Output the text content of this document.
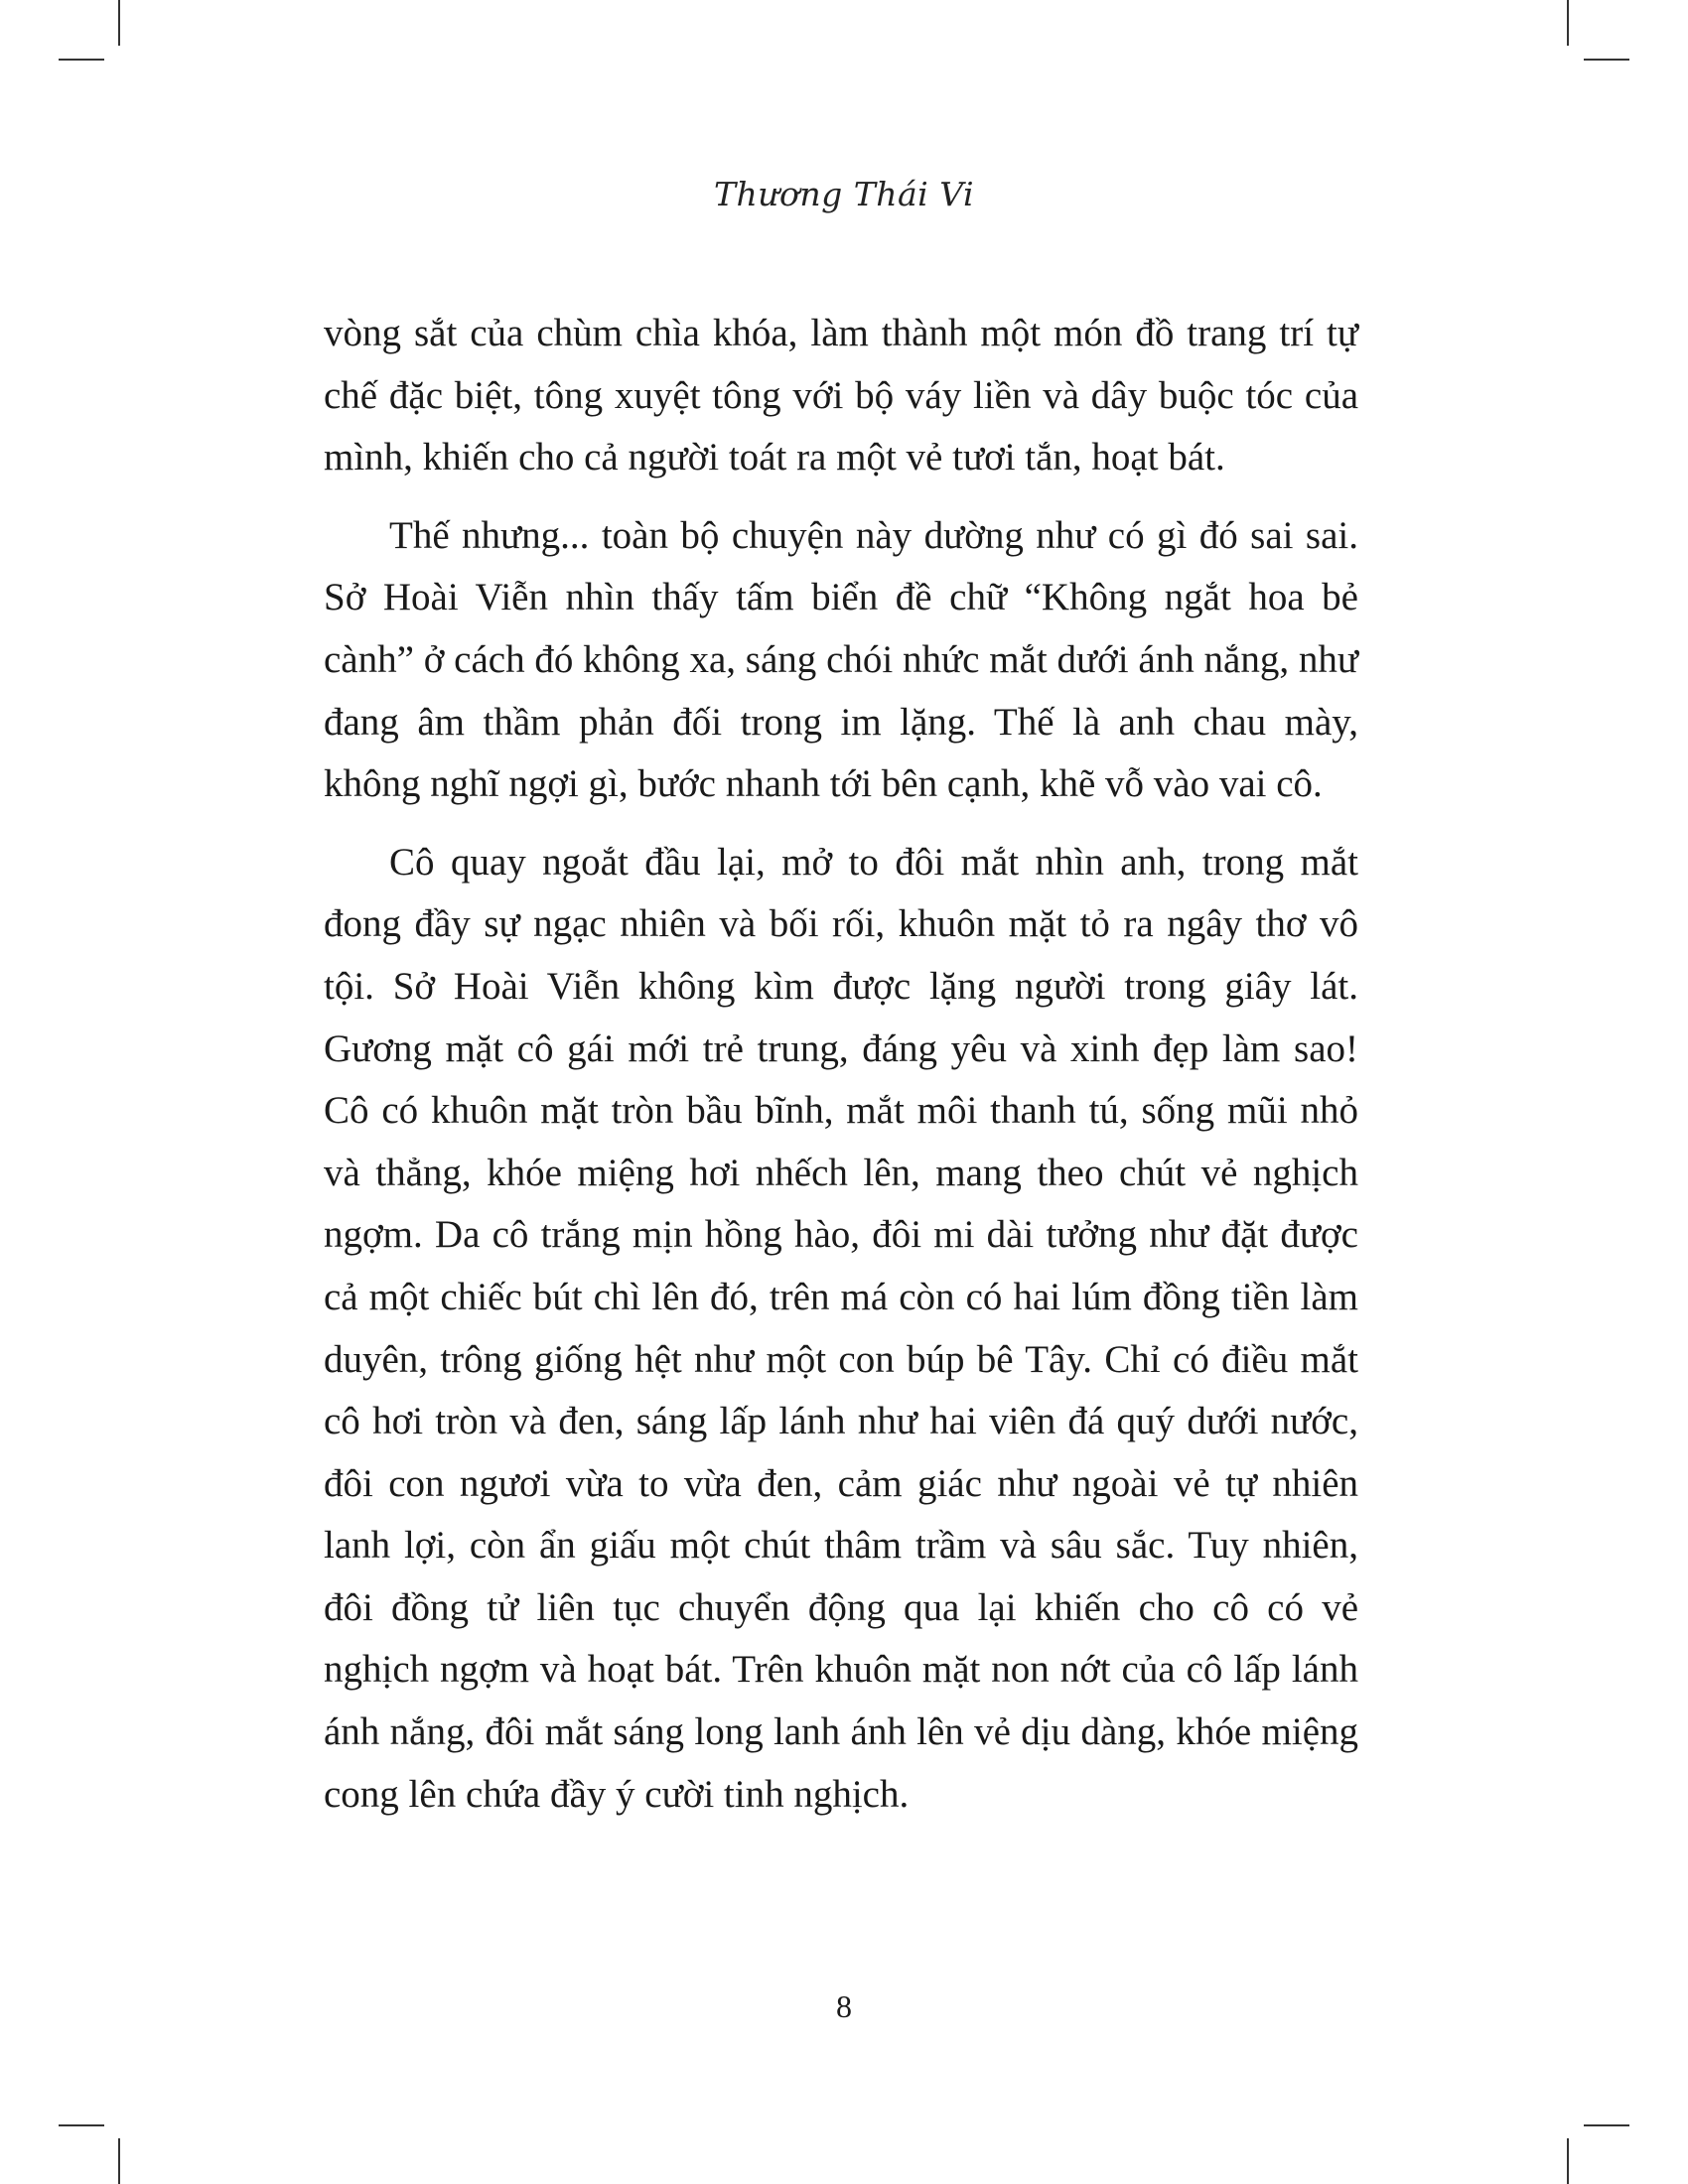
Thương Thái Vi

vòng sắt của chùm chìa khóa, làm thành một món đồ trang trí tự chế đặc biệt, tông xuyệt tông với bộ váy liền và dây buộc tóc của mình, khiến cho cả người toát ra một vẻ tươi tắn, hoạt bát.

Thế nhưng... toàn bộ chuyện này dường như có gì đó sai sai. Sở Hoài Viễn nhìn thấy tấm biển đề chữ “Không ngắt hoa bẻ cành” ở cách đó không xa, sáng chói nhức mắt dưới ánh nắng, như đang âm thầm phản đối trong im lặng. Thế là anh chau mày, không nghĩ ngợi gì, bước nhanh tới bên cạnh, khẽ vỗ vào vai cô.

Cô quay ngoắt đầu lại, mở to đôi mắt nhìn anh, trong mắt đong đầy sự ngạc nhiên và bối rối, khuôn mặt tỏ ra ngây thơ vô tội. Sở Hoài Viễn không kìm được lặng người trong giây lát. Gương mặt cô gái mới trẻ trung, đáng yêu và xinh đẹp làm sao! Cô có khuôn mặt tròn bầu bĩnh, mắt môi thanh tú, sống mũi nhỏ và thẳng, khóe miệng hơi nhếch lên, mang theo chút vẻ nghịch ngợm. Da cô trắng mịn hồng hào, đôi mi dài tưởng như đặt được cả một chiếc bút chì lên đó, trên má còn có hai lúm đồng tiền làm duyên, trông giống hệt như một con búp bê Tây. Chỉ có điều mắt cô hơi tròn và đen, sáng lấp lánh như hai viên đá quý dưới nước, đôi con ngươi vừa to vừa đen, cảm giác như ngoài vẻ tự nhiên lanh lợi, còn ẩn giấu một chút thâm trầm và sâu sắc. Tuy nhiên, đôi đồng tử liên tục chuyển động qua lại khiến cho cô có vẻ nghịch ngợm và hoạt bát. Trên khuôn mặt non nớt của cô lấp lánh ánh nắng, đôi mắt sáng long lanh ánh lên vẻ dịu dàng, khóe miệng cong lên chứa đầy ý cười tinh nghịch.

8
